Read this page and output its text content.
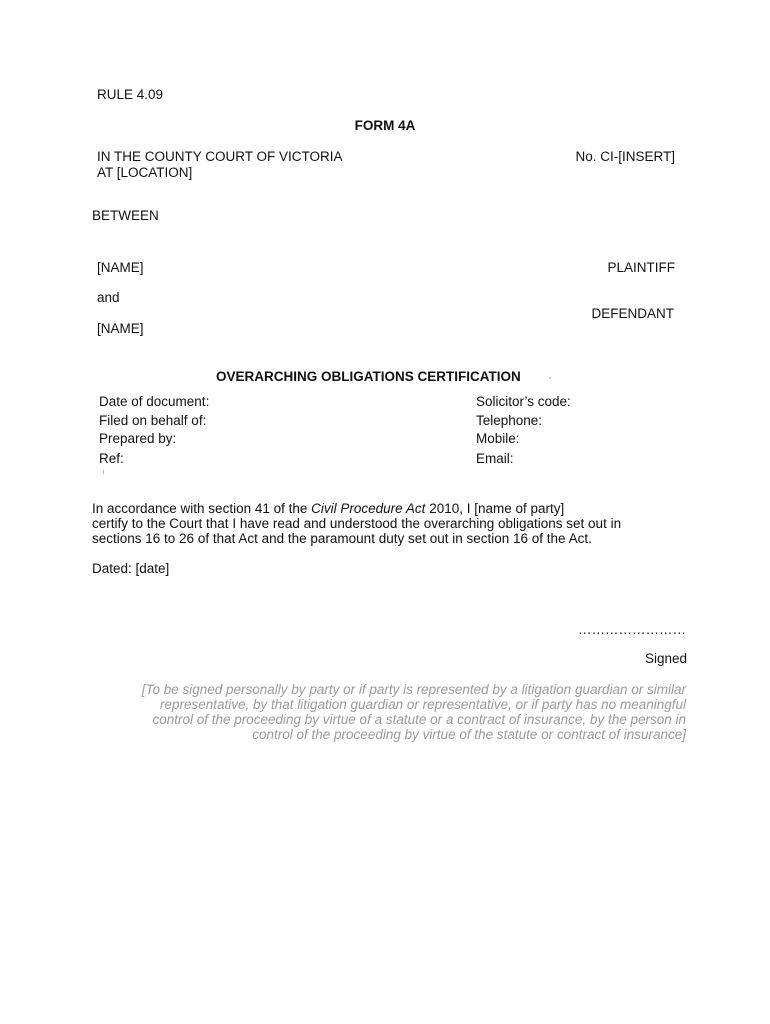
RULE 4.09
FORM 4A
IN THE COUNTY COURT OF VICTORIA
AT [LOCATION]
No. CI-[INSERT]
BETWEEN
[NAME]	PLAINTIFF
and
DEFENDANT
[NAME]
OVERARCHING OBLIGATIONS CERTIFICATION
Date of document:
Filed on behalf of:
Prepared by:
Ref:
Solicitor’s code:
Telephone:
Mobile:
Email:
In accordance with section 41 of the Civil Procedure Act 2010, I [name of party]
certify to the Court that I have read and understood the overarching obligations set out in
sections 16 to 26 of that Act and the paramount duty set out in section 16 of the Act.
Dated: [date]
……………………
Signed
[To be signed personally by party or if party is represented by a litigation guardian or similar
representative, by that litigation guardian or representative, or if party has no meaningful
control of the proceeding by virtue of a statute or a contract of insurance, by the person in
control of the proceeding by virtue of the statute or contract of insurance]
